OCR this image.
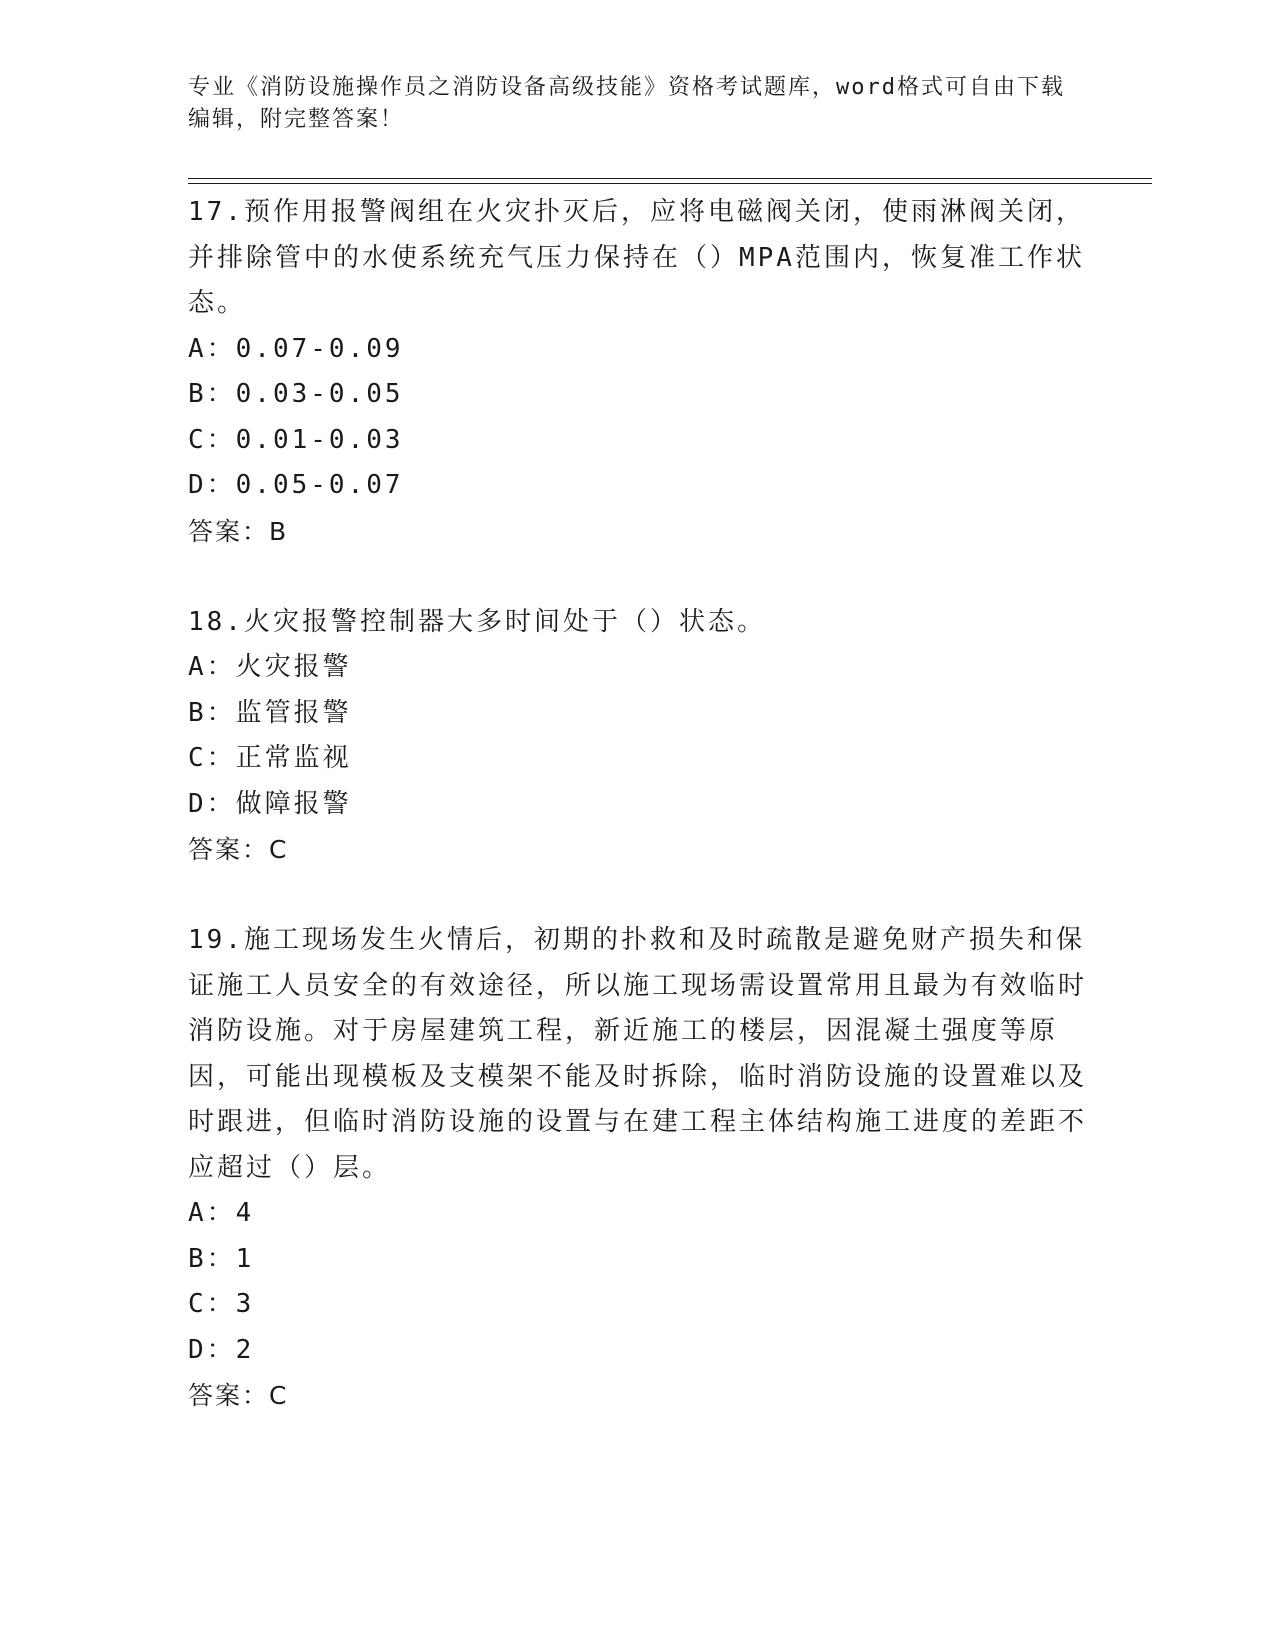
专业《消防设施操作员之消防设备高级技能》资格考试题库，word格式可自由下载编辑，附完整答案！

17.预作用报警阀组在火灾扑灭后，应将电磁阀关闭，使雨淋阀关闭，并排除管中的水使系统充气压力保持在（）MPA范围内，恢复准工作状态。

A：0.07-0.09
B：0.03-0.05
C：0.01-0.03
D：0.05-0.07
答案：B

18.火灾报警控制器大多时间处于（）状态。

A：火灾报警
B：监管报警
C：正常监视
D：做障报警
答案：C

19.施工现场发生火情后，初期的扑救和及时疏散是避免财产损失和保证施工人员安全的有效途径，所以施工现场需设置常用且最为有效临时消防设施。对于房屋建筑工程，新近施工的楼层，因混凝土强度等原因，可能出现模板及支模架不能及时拆除，临时消防设施的设置难以及时跟进，但临时消防设施的设置与在建工程主体结构施工进度的差距不应超过（）层。

A：4
B：1
C：3
D：2
答案：C
